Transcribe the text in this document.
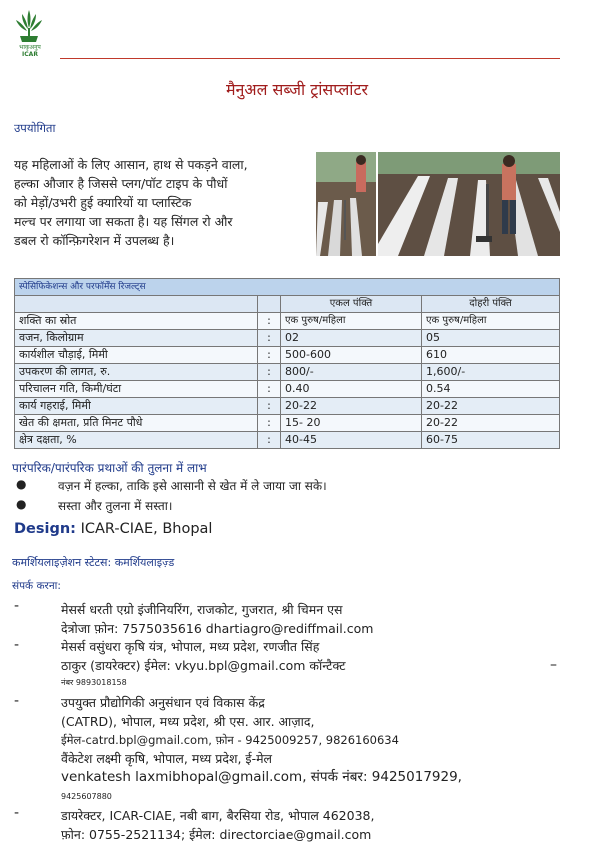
भाकृअनुप
ICAR
मैनुअल सब्जी ट्रांसप्लांटर
उपयोगिता
यह महिलाओं के लिए आसान, हाथ से पकड़ने वाला,
हल्का औजार है जिससे प्लग/पॉट टाइप के पौधों
को मेड़ों/उभरी हुई क्यारियों या प्लास्टिक
मल्च पर लगाया जा सकता है। यह सिंगल रो और
डबल रो कॉन्फ़िगरेशन में उपलब्ध है।
स्पेसिफिकेशन्स और परफॉर्मेंस रिजल्ट्स			
		एकल पंक्ति	दोहरी पंक्ति
शक्ति का स्रोत	:	एक पुरुष/महिला	एक पुरुष/महिला
वजन, किलोग्राम	:	02	05
कार्यशील चौड़ाई, मिमी	:	500-600	610
उपकरण की लागत, रु.	:	800/-	1,600/-
परिचालन गति, किमी/घंटा	:	0.40	0.54
कार्य गहराई, मिमी	:	20-22	20-22
खेत की क्षमता, प्रति मिनट पौधे	:	15- 20	20-22
क्षेत्र दक्षता, %	:	40-45	60-75
पारंपरिक/पारंपरिक प्रथाओं की तुलना में लाभ
●	वज़न में हल्का, ताकि इसे आसानी से खेत में ले जाया जा सके।
●	सस्ता और तुलना में सस्ता।
Design: ICAR-CIAE, Bhopal
कमर्शियलाइज़ेशन स्टेटस: कमर्शियलाइज़्ड
संपर्क करना:
-	मेसर्स धरती एग्रो इंजीनियरिंग, राजकोट, गुजरात, श्री चिमन एस
देत्रोजा फ़ोन: 7575035616 dhartiagro@rediffmail.com
-	मेसर्स वसुंधरा कृषि यंत्र, भोपाल, मध्य प्रदेश, रणजीत सिंह
ठाकुर (डायरेक्टर) ईमेल: vkyu.bpl@gmail.com कॉन्टैक्ट
नंबर 9893018158
–
-	उपयुक्त प्रौद्योगिकी अनुसंधान एवं विकास केंद्र
(CATRD), भोपाल, मध्य प्रदेश, श्री एस. आर. आज़ाद,
ईमेल-catrd.bpl@gmail.com, फ़ोन - 9425009257, 9826160634
वैंकेटेश लक्ष्मी कृषि, भोपाल, मध्य प्रदेश, ई-मेल
venkatesh laxmibhopal@gmail.com, संपर्क नंबर: 9425017929,
9425607880
-	डायरेक्टर, ICAR-CIAE, नबी बाग, बैरसिया रोड, भोपाल 462038,
फ़ोन: 0755-2521134; ईमेल: directorciae@gmail.com
